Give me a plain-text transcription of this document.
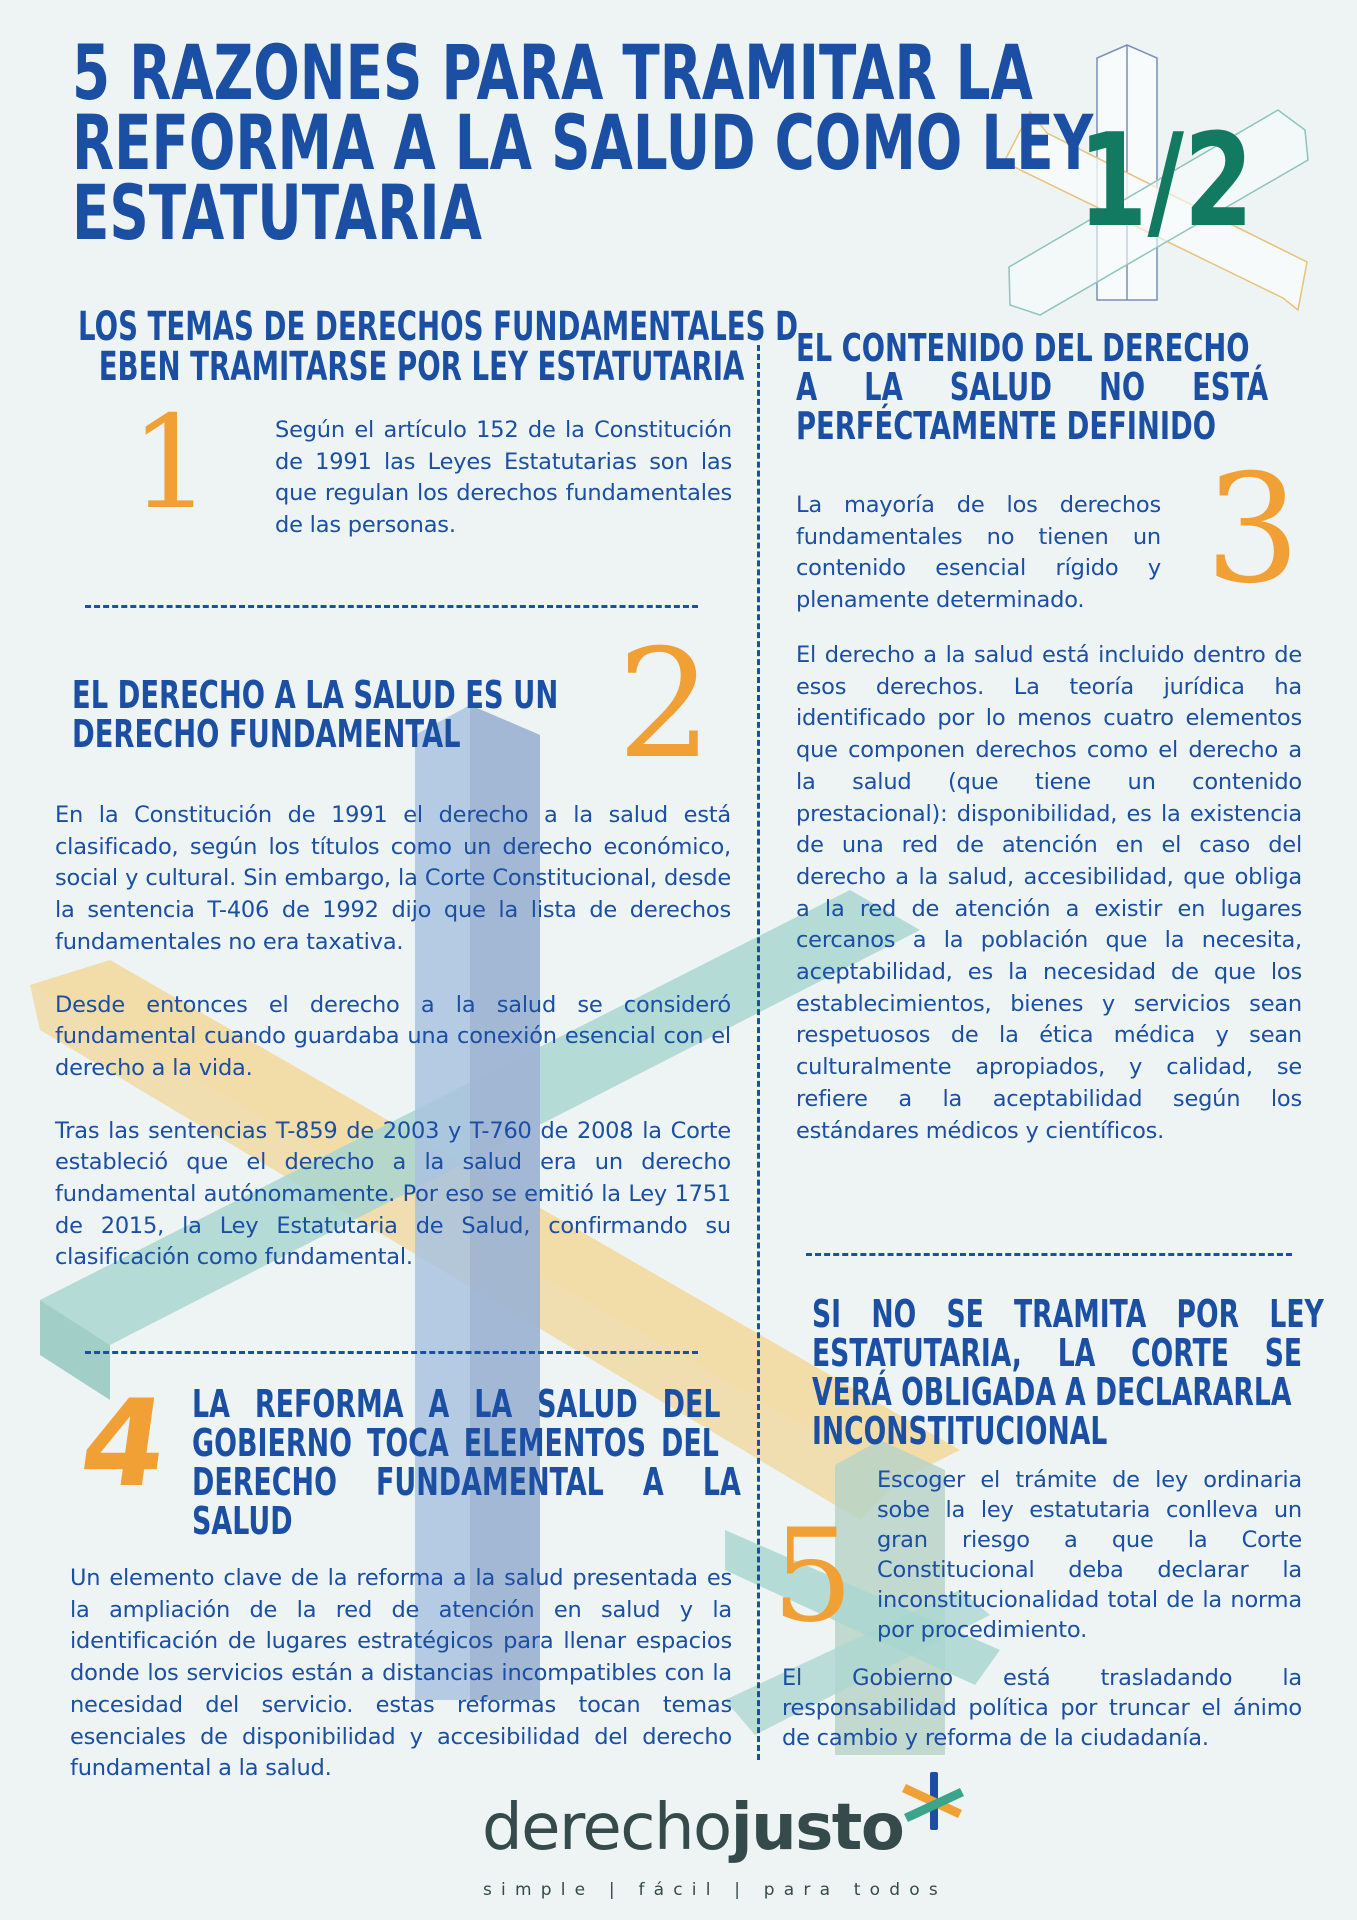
5 RAZONES PARA TRAMITAR LA
REFORMA A LA SALUD COMO LEY
ESTATUTARIA	1/2
LOS TEMAS DE DERECHOS FUNDAMENTALES D
EBEN TRAMITARSE POR LEY ESTATUTARIA
1	Según el artículo 152 de la Constitución de 1991 las Leyes Estatutarias son las que regulan los derechos fundamentales de las personas.

EL DERECHO A LA SALUD ES UN
DERECHO FUNDAMENTAL	2

En la Constitución de 1991 el derecho a la salud está clasificado, según los títulos como un derecho económico, social y cultural. Sin embargo, la Corte Constitucional, desde la sentencia T-406 de 1992 dijo que la lista de derechos fundamentales no era taxativa.

Desde entonces el derecho a la salud se consideró fundamental cuando guardaba una conexión esencial con el derecho a la vida.

Tras las sentencias T-859 de 2003 y T-760 de 2008 la Corte estableció que el derecho a la salud era un derecho fundamental autónomamente. Por eso se emitió la Ley 1751 de 2015, la Ley Estatutaria de Salud, confirmando su clasificación como fundamental.

EL CONTENIDO DEL DERECHO
A LA SALUD NO ESTÁ
PERFÉCTAMENTE DEFINIDO
3

La mayoría de los derechos fundamentales no tienen un contenido esencial rígido y plenamente determinado.

El derecho a la salud está incluido dentro de esos derechos. La teoría jurídica ha identificado por lo menos cuatro elementos que componen derechos como el derecho a la salud (que tiene un contenido prestacional): disponibilidad, es la existencia de una red de atención en el caso del derecho a la salud, accesibilidad, que obliga a la red de atención a existir en lugares cercanos a la población que la necesita, aceptabilidad, es la necesidad de que los establecimientos, bienes y servicios sean respetuosos de la ética médica y sean culturalmente apropiados, y calidad, se refiere a la aceptabilidad según los estándares médicos y científicos.

4 LA REFORMA A LA SALUD DEL
GOBIERNO TOCA ELEMENTOS DEL
DERECHO FUNDAMENTAL A LA
SALUD

Un elemento clave de la reforma a la salud presentada es la ampliación de la red de atención en salud y la identificación de lugares estratégicos para llenar espacios donde los servicios están a distancias incompatibles con la necesidad del servicio. estas reformas tocan temas esenciales de disponibilidad y accesibilidad del derecho fundamental a la salud.

SI NO SE TRAMITA POR LEY
ESTATUTARIA, LA CORTE SE
VERÁ OBLIGADA A DECLARARLA
INCONSTITUCIONAL
5

Escoger el trámite de ley ordinaria sobe la ley estatutaria conlleva un gran riesgo a que la Corte Constitucional deba declarar la inconstitucionalidad total de la norma por procedimiento.

El Gobierno está trasladando la responsabilidad política por truncar el ánimo de cambio y reforma de la ciudadanía.

derechojusto
simple | fácil | para todos
